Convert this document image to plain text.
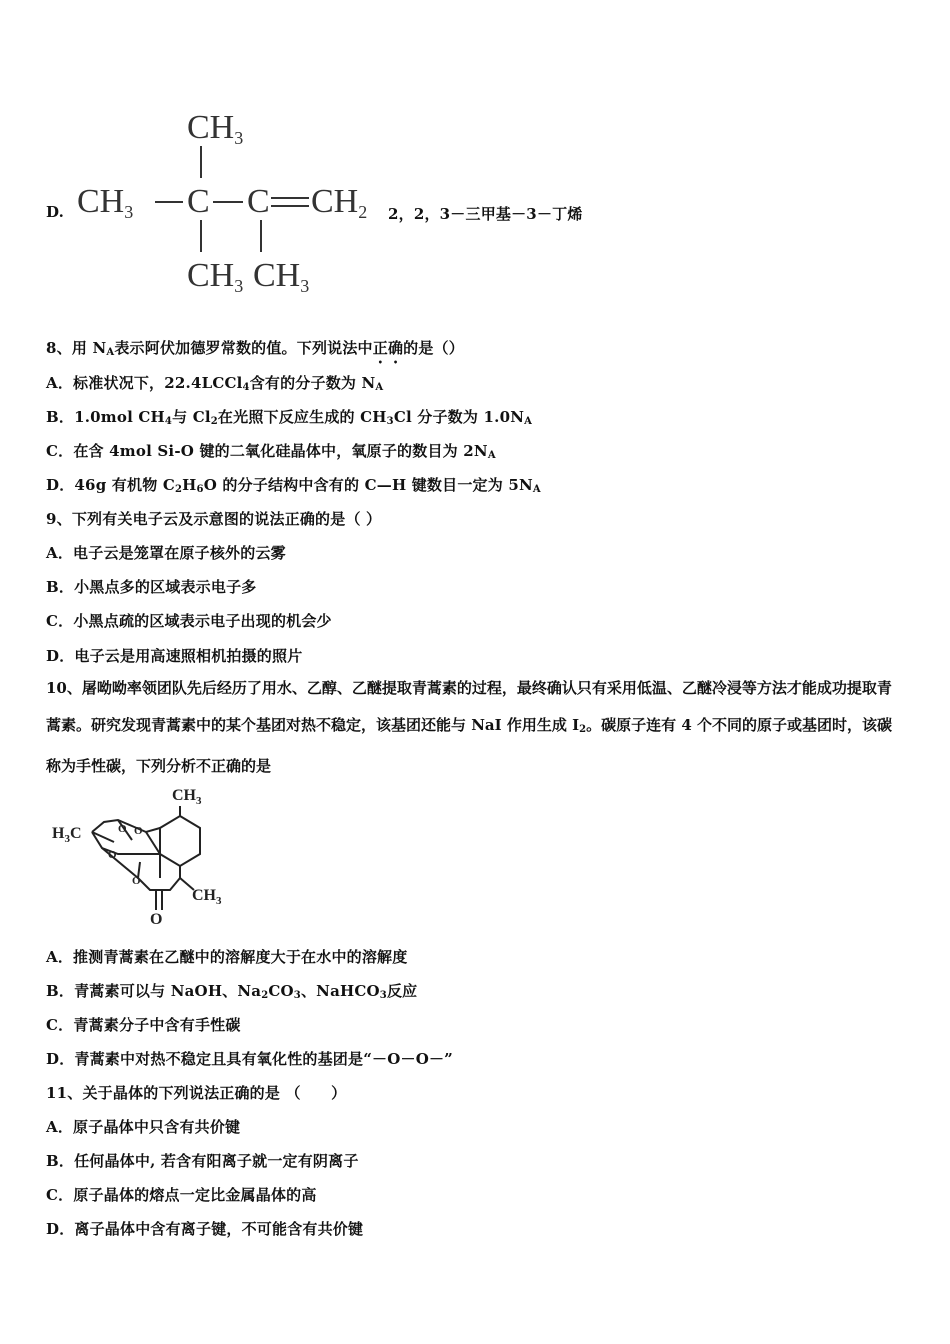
D.
CH3
CH3 C C CH2
CH3 CH3
2，2，3－三甲基－3－丁烯
8、用 $N_A$表示阿伏加德罗常数的值。下列说法中正确的是（）
A．标准状况下，22.4LCCl$_4$含有的分子数为 $N_A$
B．1.0mol $CH_4$与 $Cl_2$在光照下反应生成的 $CH_3Cl$ 分子数为 $1.0N_A$
C．在含 4mol Si-O 键的二氧化硅晶体中，氧原子的数目为 $2N_A$
D．46g 有机物 $C_2H_6O$ 的分子结构中含有的 C—H 键数目一定为 $5N_A$
9、下列有关电子云及示意图的说法正确的是（ ）
A．电子云是笼罩在原子核外的云雾
B．小黑点多的区域表示电子多
C．小黑点疏的区域表示电子出现的机会少
D．电子云是用高速照相机拍摄的照片
10、屠呦呦率领团队先后经历了用水、乙醇、乙醚提取青蒿素的过程，最终确认只有采用低温、乙醚冷浸等方法才能成功提取青蒿素。研究发现青蒿素中的某个基团对热不稳定，该基团还能与 NaI 作用生成 $I_2$。碳原子连有 4 个不同的原子或基团时，该碳称为手性碳，下列分析不正确的是
$CH_3$
$H_3C$
$CH_3$
O
O O
O
O
A．推测青蒿素在乙醚中的溶解度大于在水中的溶解度
B．青蒿素可以与 NaOH、$Na_2CO_3$、NaHCO$_3$反应
C．青蒿素分子中含有手性碳
D．青蒿素中对热不稳定且具有氧化性的基团是“－O－O－”
11、关于晶体的下列说法正确的是 （　　）
A．原子晶体中只含有共价键
B．任何晶体中, 若含有阳离子就一定有阴离子
C．原子晶体的熔点一定比金属晶体的高
D．离子晶体中含有离子键，不可能含有共价键
